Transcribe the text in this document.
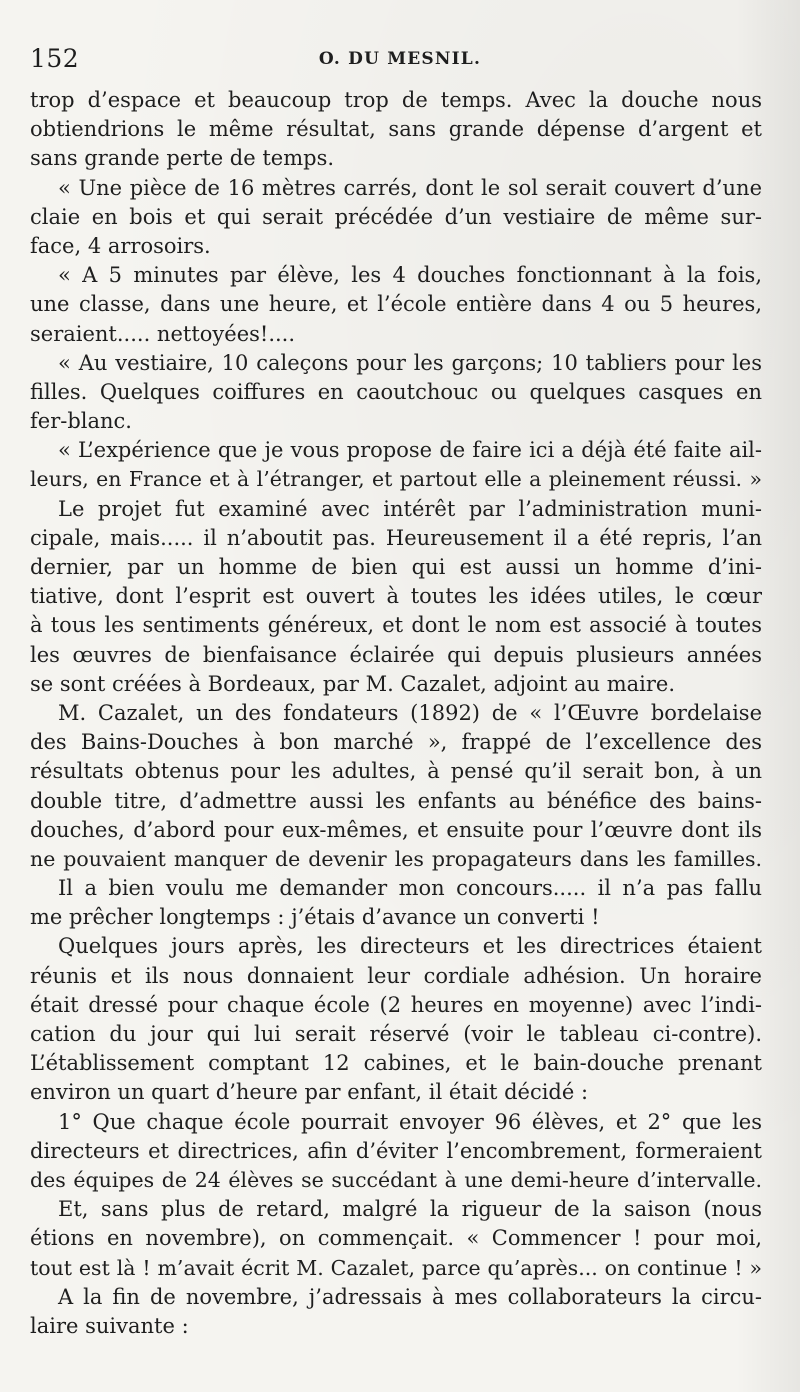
152	O. DU MESNIL.
trop d’espace et beaucoup trop de temps. Avec la douche nous
obtiendrions le même résultat, sans grande dépense d’argent et
sans grande perte de temps.
« Une pièce de 16 mètres carrés, dont le sol serait couvert d’une
claie en bois et qui serait précédée d’un vestiaire de même sur-
face, 4 arrosoirs.
« A 5 minutes par élève, les 4 douches fonctionnant à la fois,
une classe, dans une heure, et l’école entière dans 4 ou 5 heures,
seraient..... nettoyées!....
« Au vestiaire, 10 caleçons pour les garçons; 10 tabliers pour les
filles. Quelques coiffures en caoutchouc ou quelques casques en
fer-blanc.
« L’expérience que je vous propose de faire ici a déjà été faite ail-
leurs, en France et à l’étranger, et partout elle a pleinement réussi. »
Le projet fut examiné avec intérêt par l’administration muni-
cipale, mais..... il n’aboutit pas. Heureusement il a été repris, l’an
dernier, par un homme de bien qui est aussi un homme d’ini-
tiative, dont l’esprit est ouvert à toutes les idées utiles, le cœur
à tous les sentiments généreux, et dont le nom est associé à toutes
les œuvres de bienfaisance éclairée qui depuis plusieurs années
se sont créées à Bordeaux, par M. Cazalet, adjoint au maire.
M. Cazalet, un des fondateurs (1892) de « l’Œuvre bordelaise
des Bains-Douches à bon marché », frappé de l’excellence des
résultats obtenus pour les adultes, à pensé qu’il serait bon, à un
double titre, d’admettre aussi les enfants au bénéfice des bains-
douches, d’abord pour eux-mêmes, et ensuite pour l’œuvre dont ils
ne pouvaient manquer de devenir les propagateurs dans les familles.
Il a bien voulu me demander mon concours..... il n’a pas fallu
me prêcher longtemps : j’étais d’avance un converti !
Quelques jours après, les directeurs et les directrices étaient
réunis et ils nous donnaient leur cordiale adhésion. Un horaire
était dressé pour chaque école (2 heures en moyenne) avec l’indi-
cation du jour qui lui serait réservé (voir le tableau ci-contre).
L’établissement comptant 12 cabines, et le bain-douche prenant
environ un quart d’heure par enfant, il était décidé :
1° Que chaque école pourrait envoyer 96 élèves, et 2° que les
directeurs et directrices, afin d’éviter l’encombrement, formeraient
des équipes de 24 élèves se succédant à une demi-heure d’intervalle.
Et, sans plus de retard, malgré la rigueur de la saison (nous
étions en novembre), on commençait. « Commencer ! pour moi,
tout est là ! m’avait écrit M. Cazalet, parce qu’après... on continue ! »
A la fin de novembre, j’adressais à mes collaborateurs la circu-
laire suivante :
